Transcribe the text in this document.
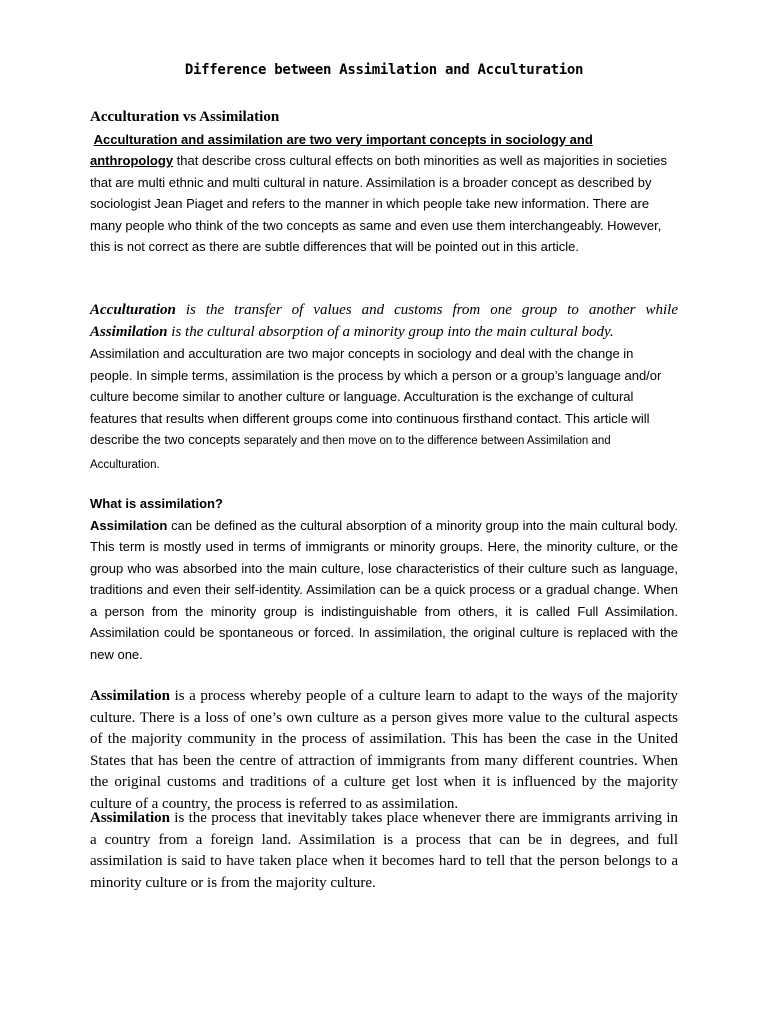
Difference between Assimilation and Acculturation

Acculturation vs Assimilation

Acculturation and assimilation are two very important concepts in sociology and anthropology that describe cross cultural effects on both minorities as well as majorities in societies that are multi ethnic and multi cultural in nature. Assimilation is a broader concept as described by sociologist Jean Piaget and refers to the manner in which people take new information. There are many people who think of the two concepts as same and even use them interchangeably. However, this is not correct as there are subtle differences that will be pointed out in this article.

Acculturation is the transfer of values and customs from one group to another while Assimilation is the cultural absorption of a minority group into the main cultural body.

Assimilation and acculturation are two major concepts in sociology and deal with the change in people. In simple terms, assimilation is the process by which a person or a group’s language and/or culture become similar to another culture or language. Acculturation is the exchange of cultural features that results when different groups come into continuous firsthand contact. This article will describe the two concepts separately and then move on to the difference between Assimilation and Acculturation.

What is assimilation?

Assimilation can be defined as the cultural absorption of a minority group into the main cultural body. This term is mostly used in terms of immigrants or minority groups. Here, the minority culture, or the group who was absorbed into the main culture, lose characteristics of their culture such as language, traditions and even their self-identity. Assimilation can be a quick process or a gradual change. When a person from the minority group is indistinguishable from others, it is called Full Assimilation. Assimilation could be spontaneous or forced. In assimilation, the original culture is replaced with the new one.

Assimilation is a process whereby people of a culture learn to adapt to the ways of the majority culture. There is a loss of one’s own culture as a person gives more value to the cultural aspects of the majority community in the process of assimilation. This has been the case in the United States that has been the centre of attraction of immigrants from many different countries. When the original customs and traditions of a culture get lost when it is influenced by the majority culture of a country, the process is referred to as assimilation.

Assimilation is the process that inevitably takes place whenever there are immigrants arriving in a country from a foreign land. Assimilation is a process that can be in degrees, and full assimilation is said to have taken place when it becomes hard to tell that the person belongs to a minority culture or is from the majority culture.
